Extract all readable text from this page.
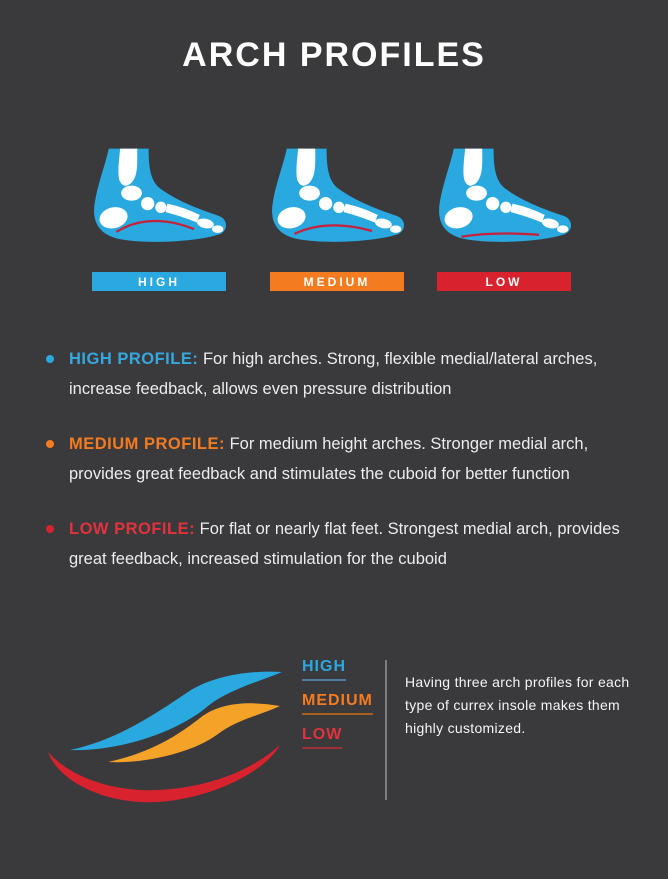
ARCH PROFILES
HIGH	MEDIUM	LOW
HIGH PROFILE: For high arches. Strong, flexible medial/lateral arches, increase feedback, allows even pressure distribution
MEDIUM PROFILE: For medium height arches. Stronger medial arch, provides great feedback and stimulates the cuboid for better function
LOW PROFILE: For flat or nearly flat feet. Strongest medial arch, provides great feedback, increased stimulation for the cuboid
HIGH
MEDIUM
LOW

Having three arch profiles for each type of currex insole makes them highly customized.
